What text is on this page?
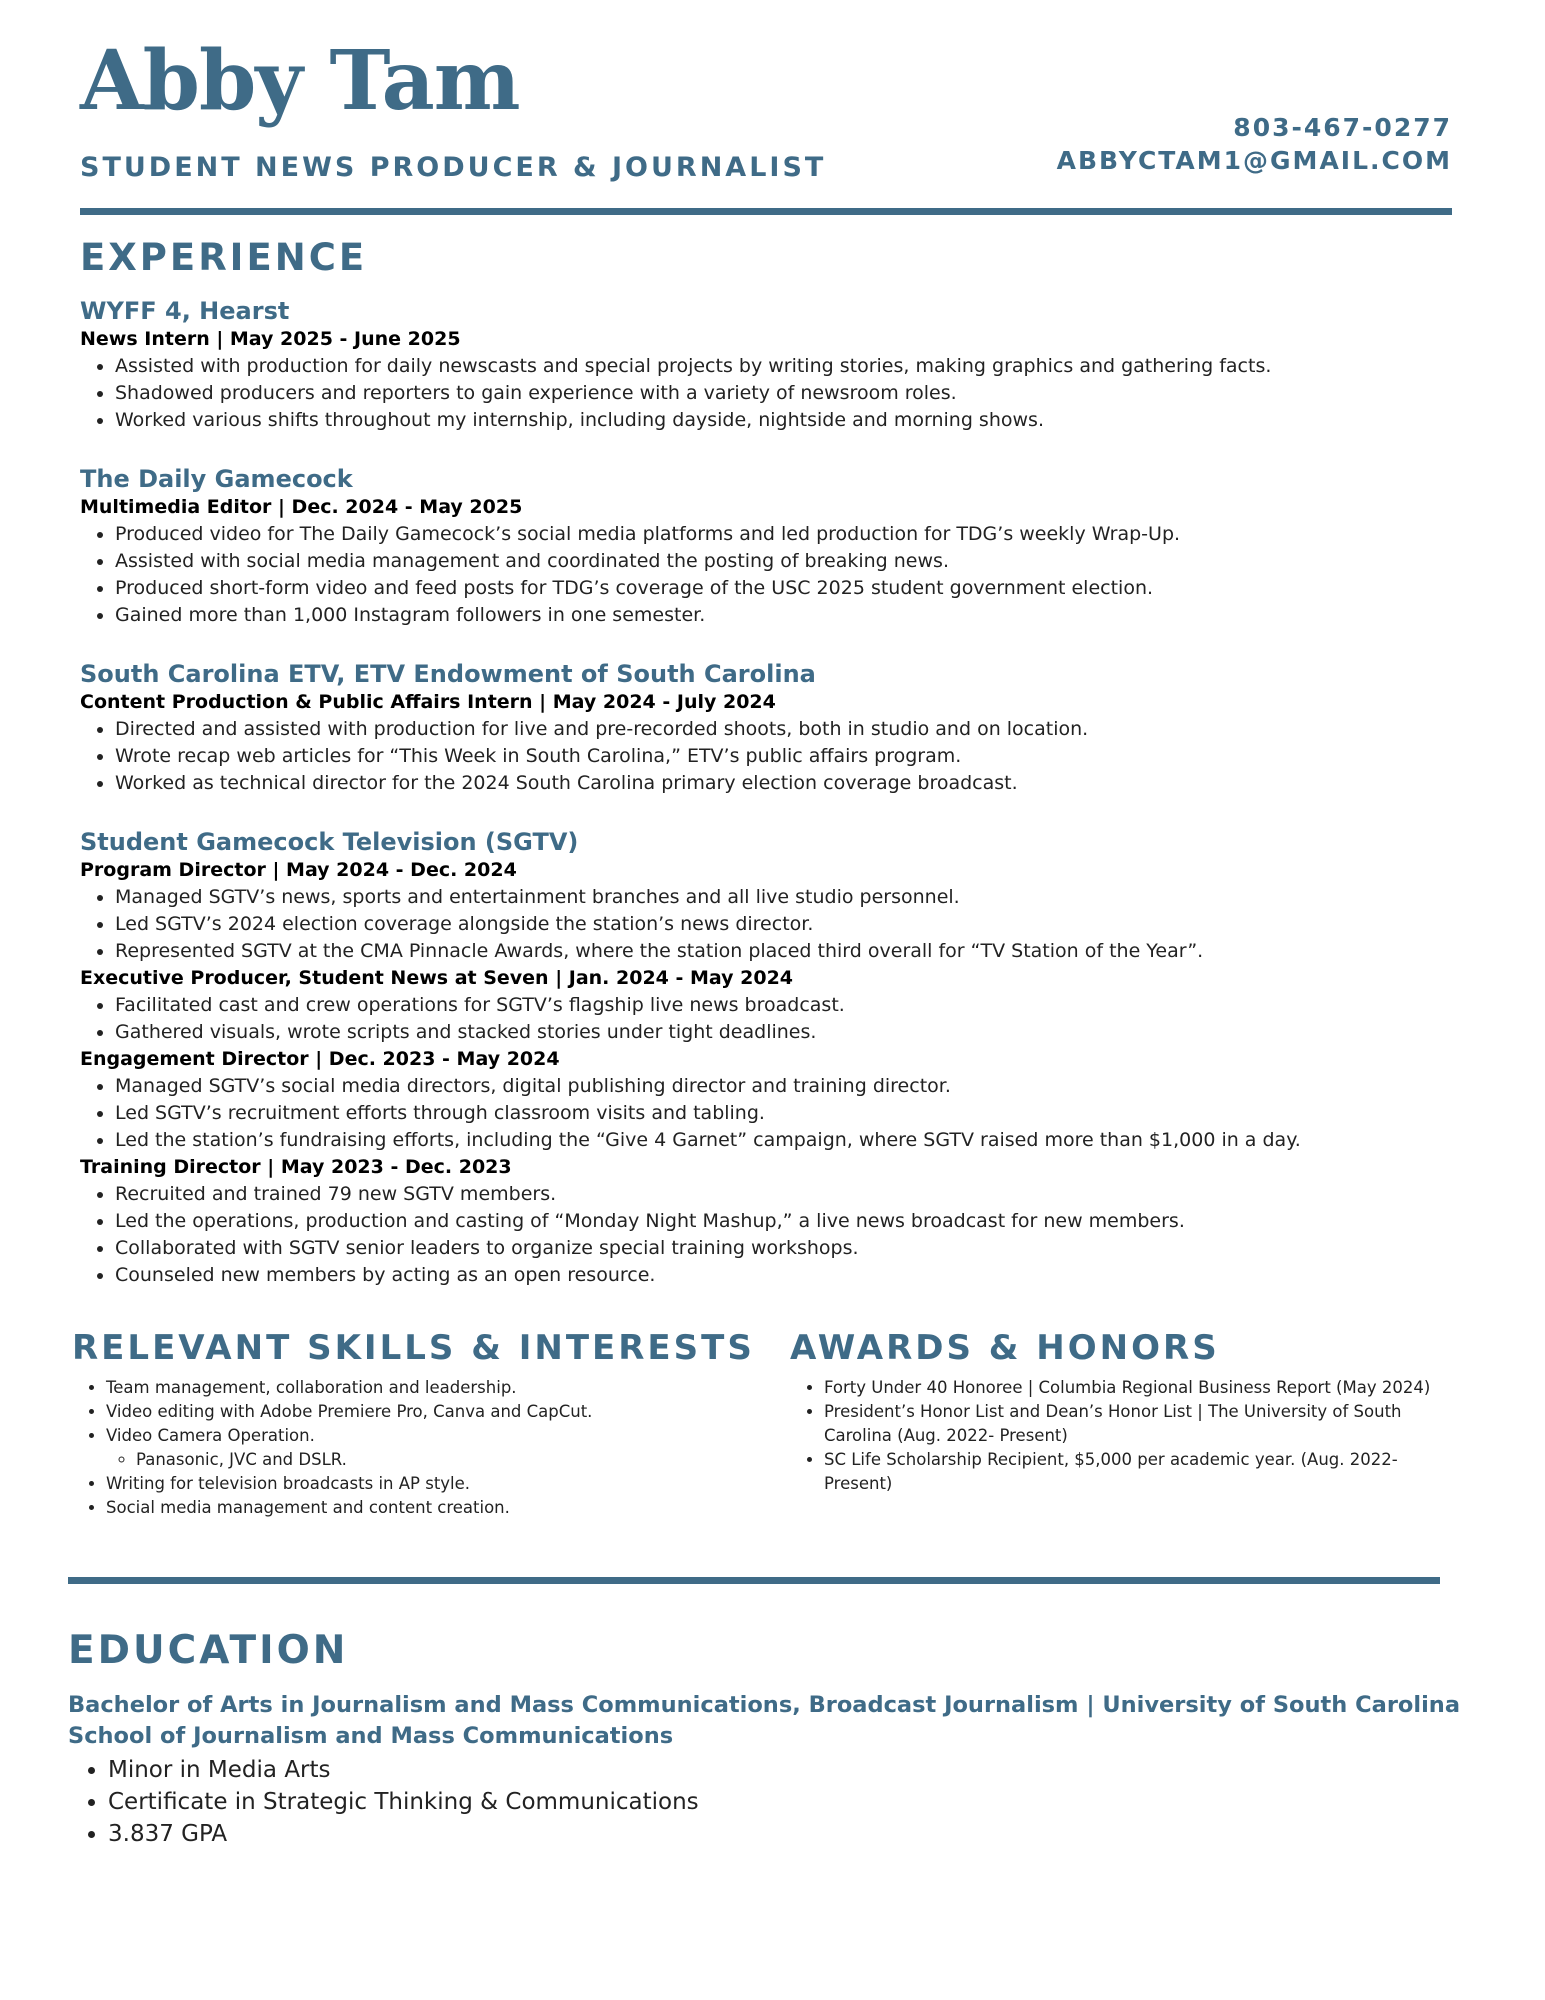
Abby Tam
STUDENT NEWS PRODUCER & JOURNALIST
803-467-0277
ABBYCTAM1@GMAIL.COM
EXPERIENCE
WYFF 4, Hearst
News Intern | May 2025 - June 2025
• Assisted with production for daily newscasts and special projects by writing stories, making graphics and gathering facts.
• Shadowed producers and reporters to gain experience with a variety of newsroom roles.
• Worked various shifts throughout my internship, including dayside, nightside and morning shows.
The Daily Gamecock
Multimedia Editor | Dec. 2024 - May 2025
• Produced video for The Daily Gamecock’s social media platforms and led production for TDG’s weekly Wrap-Up.
• Assisted with social media management and coordinated the posting of breaking news.
• Produced short-form video and feed posts for TDG’s coverage of the USC 2025 student government election.
• Gained more than 1,000 Instagram followers in one semester.
South Carolina ETV, ETV Endowment of South Carolina
Content Production & Public Affairs Intern | May 2024 - July 2024
• Directed and assisted with production for live and pre-recorded shoots, both in studio and on location.
• Wrote recap web articles for “This Week in South Carolina,” ETV’s public affairs program.
• Worked as technical director for the 2024 South Carolina primary election coverage broadcast.
Student Gamecock Television (SGTV)
Program Director | May 2024 - Dec. 2024
• Managed SGTV’s news, sports and entertainment branches and all live studio personnel.
• Led SGTV’s 2024 election coverage alongside the station’s news director.
• Represented SGTV at the CMA Pinnacle Awards, where the station placed third overall for “TV Station of the Year”.
Executive Producer, Student News at Seven | Jan. 2024 - May 2024
• Facilitated cast and crew operations for SGTV’s flagship live news broadcast.
• Gathered visuals, wrote scripts and stacked stories under tight deadlines.
Engagement Director | Dec. 2023 - May 2024
• Managed SGTV’s social media directors, digital publishing director and training director.
• Led SGTV’s recruitment efforts through classroom visits and tabling.
• Led the station’s fundraising efforts, including the “Give 4 Garnet” campaign, where SGTV raised more than $1,000 in a day.
Training Director | May 2023 - Dec. 2023
• Recruited and trained 79 new SGTV members.
• Led the operations, production and casting of “Monday Night Mashup,” a live news broadcast for new members.
• Collaborated with SGTV senior leaders to organize special training workshops.
• Counseled new members by acting as an open resource.
RELEVANT SKILLS & INTERESTS AWARDS & HONORS
• Team management, collaboration and leadership.
• Video editing with Adobe Premiere Pro, Canva and CapCut.
• Video Camera Operation.
◦ Panasonic, JVC and DSLR.
• Writing for television broadcasts in AP style.
• Social media management and content creation.
• Forty Under 40 Honoree | Columbia Regional Business Report (May 2024)
• President’s Honor List and Dean’s Honor List | The University of South Carolina (Aug. 2022- Present)
• SC Life Scholarship Recipient, $5,000 per academic year. (Aug. 2022- Present)
EDUCATION
Bachelor of Arts in Journalism and Mass Communications, Broadcast Journalism | University of South Carolina School of Journalism and Mass Communications
• Minor in Media Arts
• Certificate in Strategic Thinking & Communications
• 3.837 GPA
